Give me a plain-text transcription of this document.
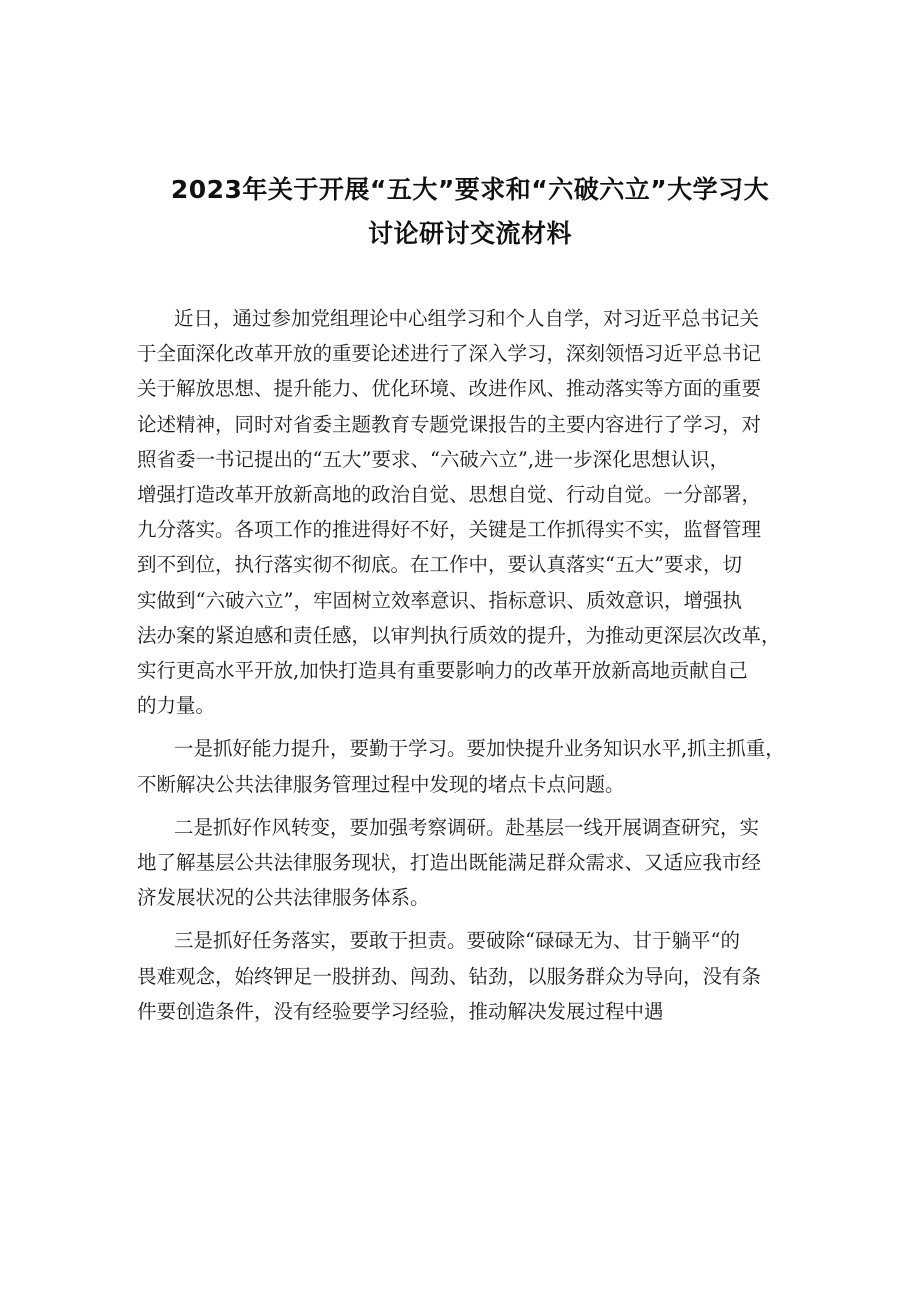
2023年关于开展“五大”要求和“六破六立”大学习大
讨论研讨交流材料

近日，通过参加党组理论中心组学习和个人自学，对习近平总书记关
于全面深化改革开放的重要论述进行了深入学习，深刻领悟习近平总书记
关于解放思想、提升能力、优化环境、改进作风、推动落实等方面的重要
论述精神，同时对省委主题教育专题党课报告的主要内容进行了学习，对
照省委一书记提出的“五大”要求、“六破六立”,进一步深化思想认识，
增强打造改革开放新高地的政治自觉、思想自觉、行动自觉。一分部署，
九分落实。各项工作的推进得好不好，关键是工作抓得实不实，监督管理
到不到位，执行落实彻不彻底。在工作中，要认真落实“五大”要求，切
实做到“六破六立”，牢固树立效率意识、指标意识、质效意识，增强执
法办案的紧迫感和责任感，以审判执行质效的提升，为推动更深层次改革，
实行更高水平开放,加快打造具有重要影响力的改革开放新高地贡献自己
的力量。

一是抓好能力提升，要勤于学习。要加快提升业务知识水平,抓主抓重，
不断解决公共法律服务管理过程中发现的堵点卡点问题。

二是抓好作风转变，要加强考察调研。赴基层一线开展调查研究，实
地了解基层公共法律服务现状，打造出既能满足群众需求、又适应我市经
济发展状况的公共法律服务体系。

三是抓好任务落实，要敢于担责。要破除“碌碌无为、甘于躺平“的
畏难观念，始终钾足一股拼劲、闯劲、钻劲，以服务群众为导向，没有条
件要创造条件，没有经验要学习经验，推动解决发展过程中遇
